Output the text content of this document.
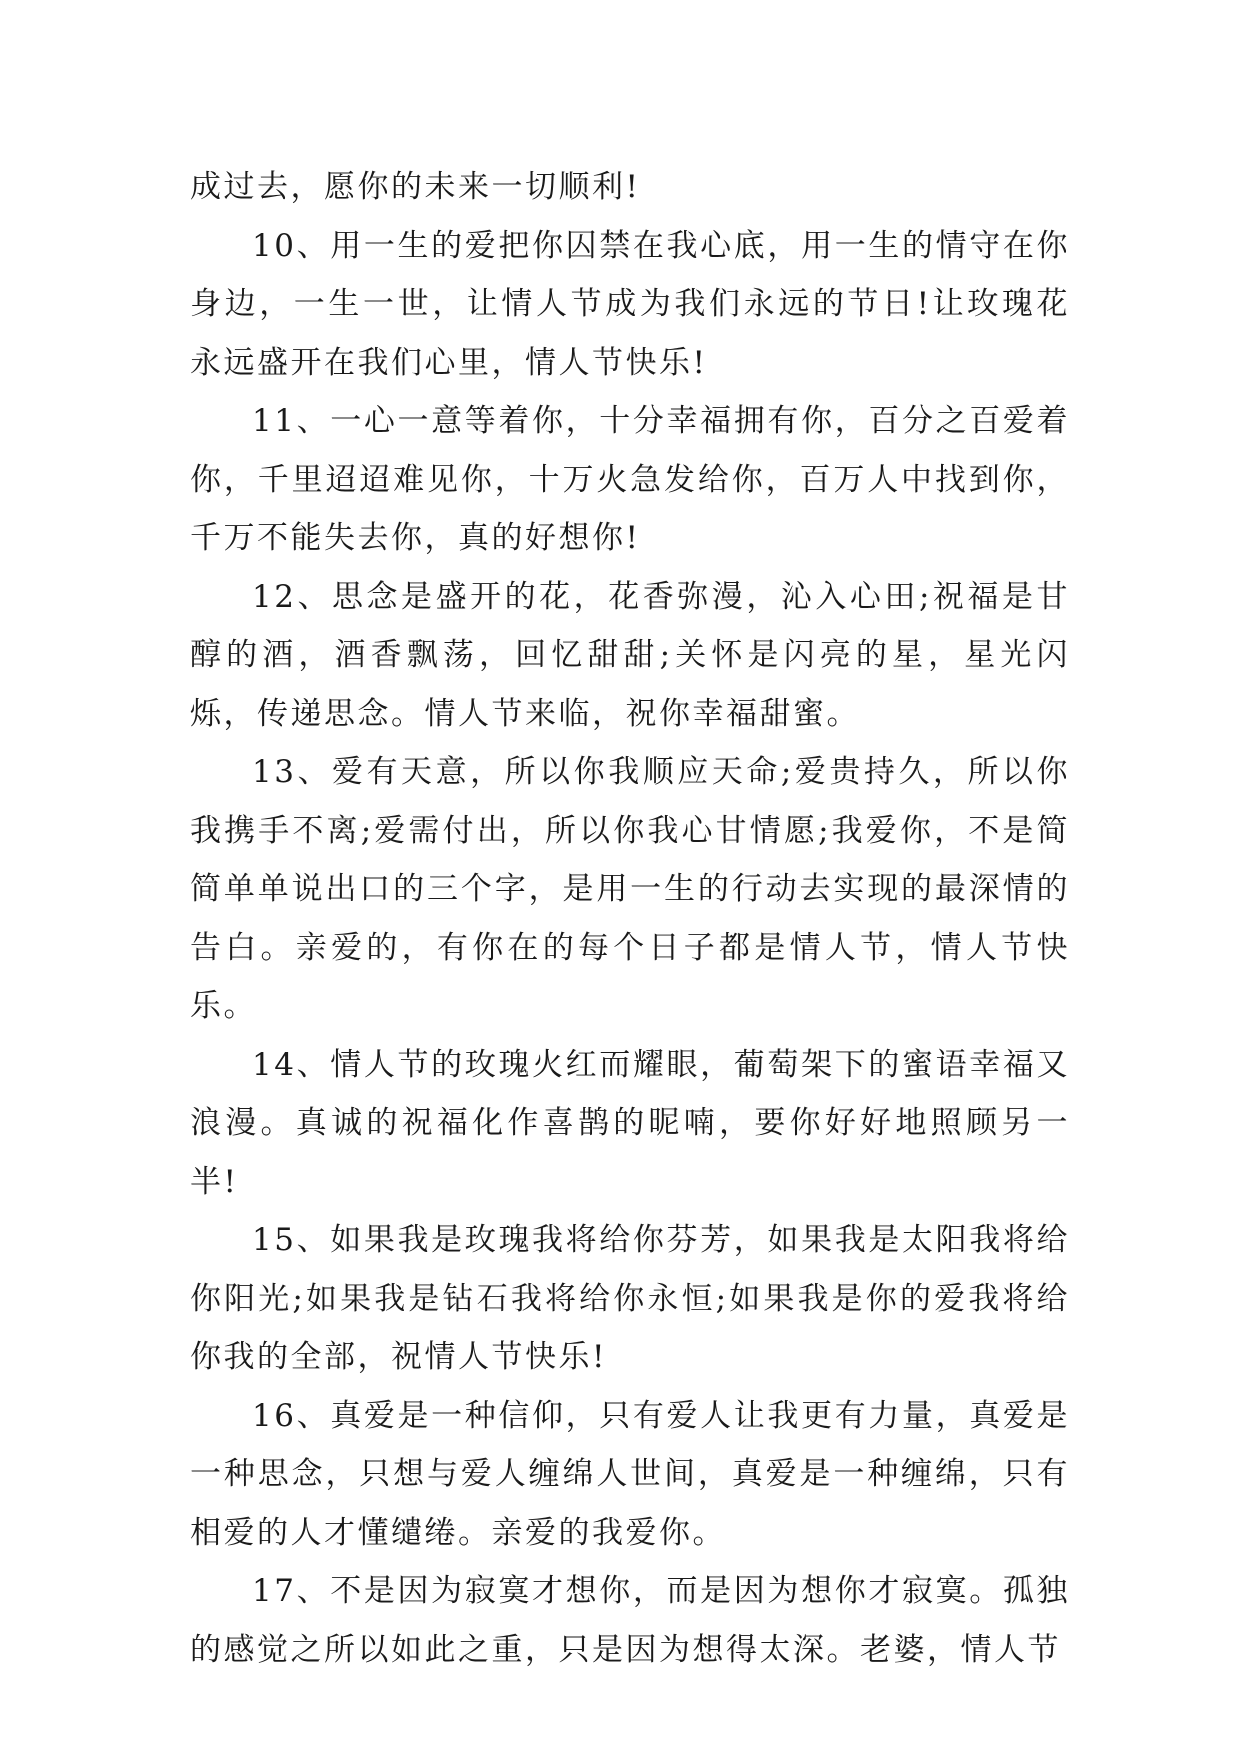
成过去，愿你的未来一切顺利!

10、用一生的爱把你囚禁在我心底，用一生的情守在你身边，一生一世，让情人节成为我们永远的节日!让玫瑰花永远盛开在我们心里，情人节快乐!

11、一心一意等着你，十分幸福拥有你，百分之百爱着你，千里迢迢难见你，十万火急发给你，百万人中找到你，千万不能失去你，真的好想你!

12、思念是盛开的花，花香弥漫，沁入心田;祝福是甘醇的酒，酒香飘荡，回忆甜甜;关怀是闪亮的星，星光闪烁，传递思念。情人节来临，祝你幸福甜蜜。

13、爱有天意，所以你我顺应天命;爱贵持久，所以你我携手不离;爱需付出，所以你我心甘情愿;我爱你，不是简简单单说出口的三个字，是用一生的行动去实现的最深情的告白。亲爱的，有你在的每个日子都是情人节，情人节快乐。

14、情人节的玫瑰火红而耀眼，葡萄架下的蜜语幸福又浪漫。真诚的祝福化作喜鹊的昵喃，要你好好地照顾另一半!

15、如果我是玫瑰我将给你芬芳，如果我是太阳我将给你阳光;如果我是钻石我将给你永恒;如果我是你的爱我将给你我的全部，祝情人节快乐!

16、真爱是一种信仰，只有爱人让我更有力量，真爱是一种思念，只想与爱人缠绵人世间，真爱是一种缠绵，只有相爱的人才懂缱绻。亲爱的我爱你。

17、不是因为寂寞才想你，而是因为想你才寂寞。孤独的感觉之所以如此之重，只是因为想得太深。老婆，情人节
